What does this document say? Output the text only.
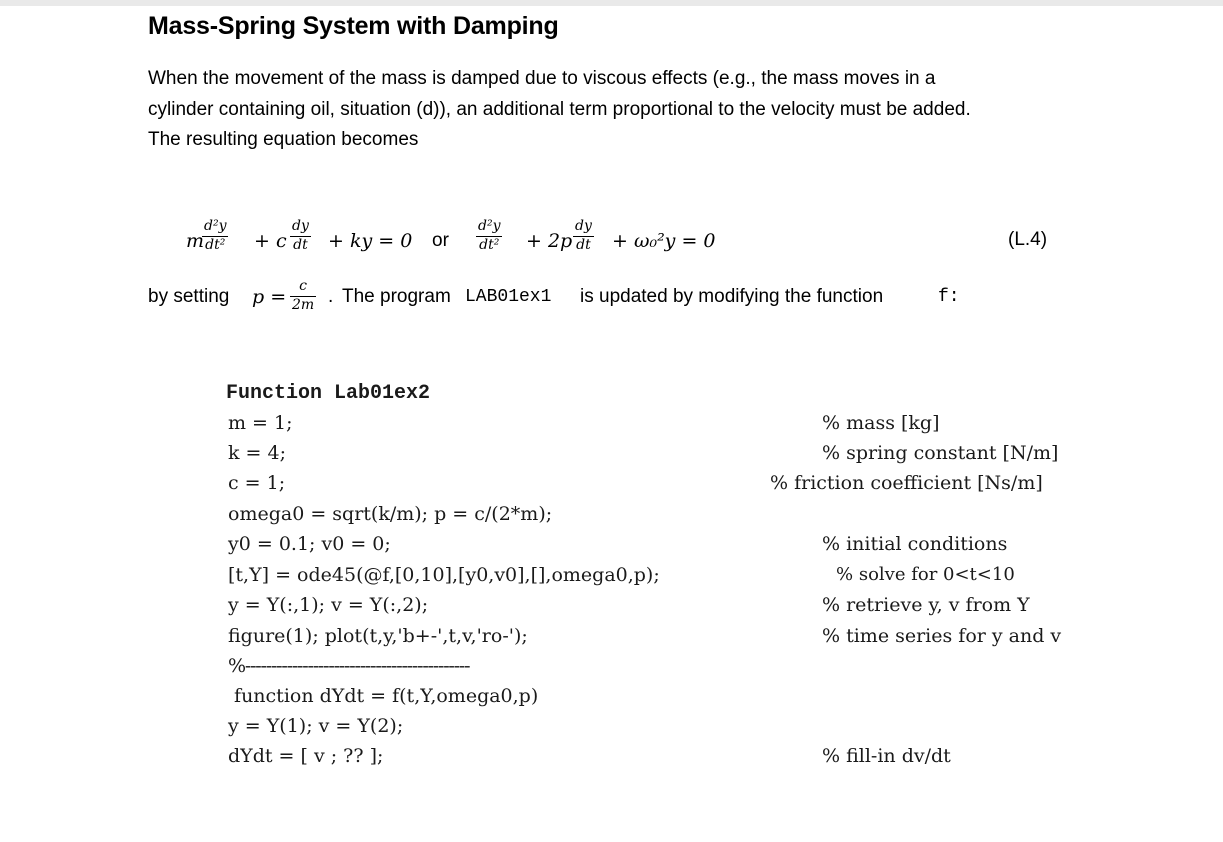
Mass-Spring System with Damping
When the movement of the mass is damped due to viscous effects (e.g., the mass moves in a
cylinder containing oil, situation (d)), an additional term proportional to the velocity must be added.
The resulting equation becomes
m
$\frac{\text{d²y}}{\text{dt²}} + c \frac{dy}{dt}$ + ky = 0 or $\frac{\text{d²y}}{\text{dt²}} + 2p \frac{dy}{dt} + \omega_0^2y = 0$	(L.4)
by setting $p = \frac{c}{2m}$ . The program LAB01ex1 is updated by modifying the function	f:
Function Lab01ex2
m = 1;
k = 4;
c = 1;
omega0 = sqrt(k/m); p = c/(2*m);
y0 = 0.1; v0 = 0;
[t,Y] = ode45(@f,[0,10],[y0,v0],[],omega0,p);
y = Y(:,1); v = Y(:,2);
figure(1); plot(t,y,'b+-',t,v,'ro-');
%-------------------------------------------
function dYdt = f(t,Y,omega0,p)
y = Y(1); v = Y(2);
dYdt = [ v ; ?? ];
% mass [kg]
% spring constant [N/m]
% friction coefficient [Ns/m]
% initial conditions
% solve for 0<t<10
% retrieve y, v from Y
% time series for y and v
% fill-in dv/dt
